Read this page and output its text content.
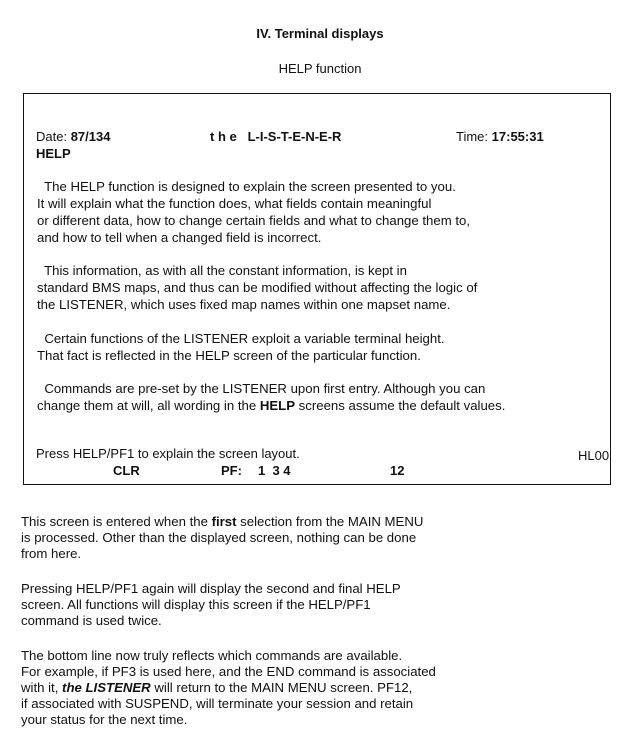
IV. Terminal displays
HELP function
Date: 87/134	t h e L-I-S-T-E-N-E-R	Time: 17:55:31
HELP
The HELP function is designed to explain the screen presented to you.
It will explain what the function does, what fields contain meaningful
or different data, how to change certain fields and what to change them to,
and how to tell when a changed field is incorrect.
This information, as with all the constant information, is kept in
standard BMS maps, and thus can be modified without affecting the logic of
the LISTENER, which uses fixed map names within one mapset name.
Certain functions of the LISTENER exploit a variable terminal height.
That fact is reflected in the HELP screen of the particular function.
Commands are pre-set by the LISTENER upon first entry. Although you can
change them at will, all wording in the HELP screens assume the default values.
Press HELP/PF1 to explain the screen layout.	HL00
CLR	PF: 1  3 4	12
This screen is entered when the first selection from the MAIN MENU
is processed. Other than the displayed screen, nothing can be done
from here.
Pressing HELP/PF1 again will display the second and final HELP
screen. All functions will display this screen if the HELP/PF1
command is used twice.
The bottom line now truly reflects which commands are available.
For example, if PF3 is used here, and the END command is associated
with it, the LISTENER will return to the MAIN MENU screen. PF12,
if associated with SUSPEND, will terminate your session and retain
your status for the next time.
